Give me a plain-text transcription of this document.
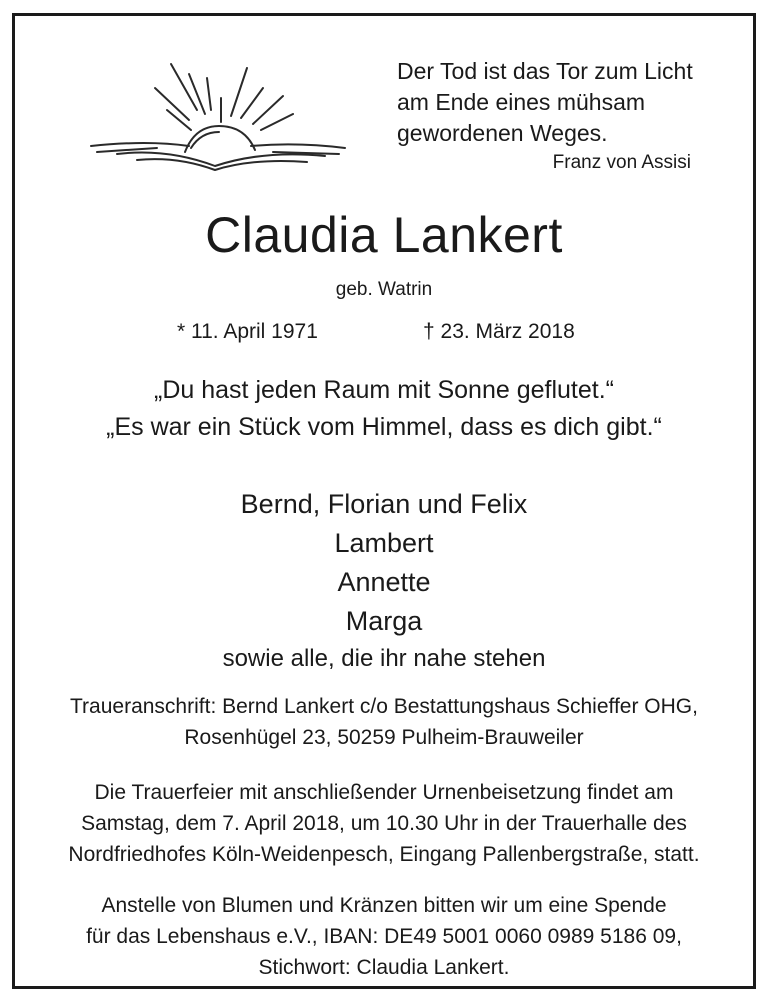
Der Tod ist das Tor zum Licht

am Ende eines mühsam

gewordenen Weges.

Franz von Assisi
Claudia Lankert
geb. Watrin
* 11. April 1971	† 23. März 2018

„Du hast jeden Raum mit Sonne geflutet.“

„Es war ein Stück vom Himmel, dass es dich gibt.“

Bernd, Florian und Felix

Lambert

Annette

Marga

sowie alle, die ihr nahe stehen

Traueranschrift: Bernd Lankert c/o Bestattungshaus Schieffer OHG,

Rosenhügel 23, 50259 Pulheim-Brauweiler

Die Trauerfeier mit anschließender Urnenbeisetzung findet am

Samstag, dem 7. April 2018, um 10.30 Uhr in der Trauerhalle des

Nordfriedhofes Köln-Weidenpesch, Eingang Pallenbergstraße, statt.

Anstelle von Blumen und Kränzen bitten wir um eine Spende

für das Lebenshaus e.V., IBAN: DE49 5001 0060 0989 5186 09,

Stichwort: Claudia Lankert.
